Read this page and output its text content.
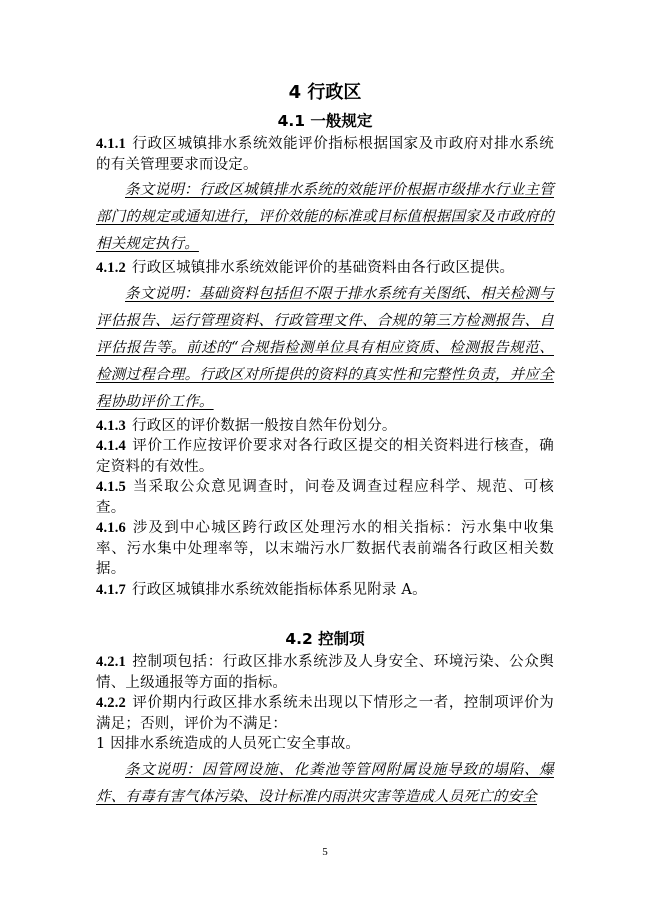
4 行政区
4.1 一般规定

4.1.1 行政区城镇排水系统效能评价指标根据国家及市政府对排水系统的有关管理要求而设定。

条文说明：行政区城镇排水系统的效能评价根据市级排水行业主管部门的规定或通知进行，评价效能的标准或目标值根据国家及市政府的相关规定执行。

4.1.2 行政区城镇排水系统效能评价的基础资料由各行政区提供。

条文说明：基础资料包括但不限于排水系统有关图纸、相关检测与评估报告、运行管理资料、行政管理文件、合规的第三方检测报告、自评估报告等。前述的“合规指检测单位具有相应资质、检测报告规范、检测过程合理。行政区对所提供的资料的真实性和完整性负责，并应全程协助评价工作。

4.1.3 行政区的评价数据一般按自然年份划分。

4.1.4 评价工作应按评价要求对各行政区提交的相关资料进行核查，确定资料的有效性。

4.1.5 当采取公众意见调查时，问卷及调查过程应科学、规范、可核查。

4.1.6 涉及到中心城区跨行政区处理污水的相关指标：污水集中收集率、污水集中处理率等，以末端污水厂数据代表前端各行政区相关数据。

4.1.7 行政区城镇排水系统效能指标体系见附录 A。

4.2 控制项

4.2.1 控制项包括：行政区排水系统涉及人身安全、环境污染、公众舆情、上级通报等方面的指标。

4.2.2 评价期内行政区排水系统未出现以下情形之一者，控制项评价为满足；否则，评价为不满足：

1 因排水系统造成的人员死亡安全事故。

条文说明：因管网设施、化粪池等管网附属设施导致的塌陷、爆炸、有毒有害气体污染、设计标准内雨洪灾害等造成人员死亡的安全

5
